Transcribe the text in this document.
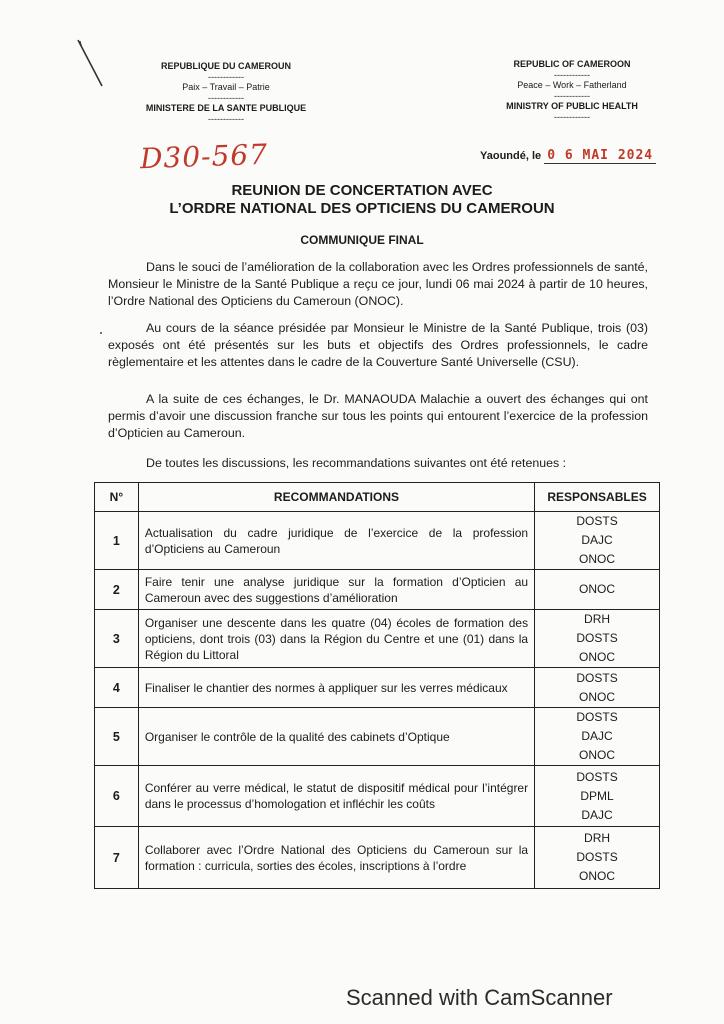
REPUBLIQUE DU CAMEROUN
------------
Paix – Travail – Patrie
------------
MINISTERE DE LA SANTE PUBLIQUE
------------
REPUBLIC OF CAMEROON
------------
Peace – Work – Fatherland
------------
MINISTRY OF PUBLIC HEALTH
------------
D30-567	Yaoundé, le 0 6 MAI 2024
REUNION DE CONCERTATION AVEC
L’ORDRE NATIONAL DES OPTICIENS DU CAMEROUN
COMMUNIQUE FINAL

Dans le souci de l’amélioration de la collaboration avec les Ordres professionnels de santé, Monsieur le Ministre de la Santé Publique a reçu ce jour, lundi 06 mai 2024 à partir de 10 heures, l’Ordre National des Opticiens du Cameroun (ONOC).

Au cours de la séance présidée par Monsieur le Ministre de la Santé Publique, trois (03) exposés ont été présentés sur les buts et objectifs des Ordres professionnels, le cadre règlementaire et les attentes dans le cadre de la Couverture Santé Universelle (CSU).

A la suite de ces échanges, le Dr. MANAOUDA Malachie a ouvert des échanges qui ont permis d’avoir une discussion franche sur tous les points qui entourent l’exercice de la profession d’Opticien au Cameroun.

De toutes les discussions, les recommandations suivantes ont été retenues :

N°	RECOMMANDATIONS	RESPONSABLES
1	Actualisation du cadre juridique de l’exercice de la profession d’Opticiens au Cameroun	DOSTS
DAJC
ONOC

2	Faire tenir une analyse juridique sur la formation d’Opticien au Cameroun avec des suggestions d’amélioration	ONOC

3	Organiser une descente dans les quatre (04) écoles de formation des opticiens, dont trois (03) dans la Région du Centre et une (01) dans la Région du Littoral	DRH
DOSTS
ONOC

4	Finaliser le chantier des normes à appliquer sur les verres médicaux	DOSTS
ONOC

5	Organiser le contrôle de la qualité des cabinets d’Optique	DOSTS
DAJC
ONOC

6	Conférer au verre médical, le statut de dispositif médical pour l’intégrer dans le processus d’homologation et infléchir les coûts	DOSTS
DPML
DAJC

7	Collaborer avec l’Ordre National des Opticiens du Cameroun sur la formation : curricula, sorties des écoles, inscriptions à l’ordre	DRH
DOSTS
ONOC
Scanned with CamScanner
